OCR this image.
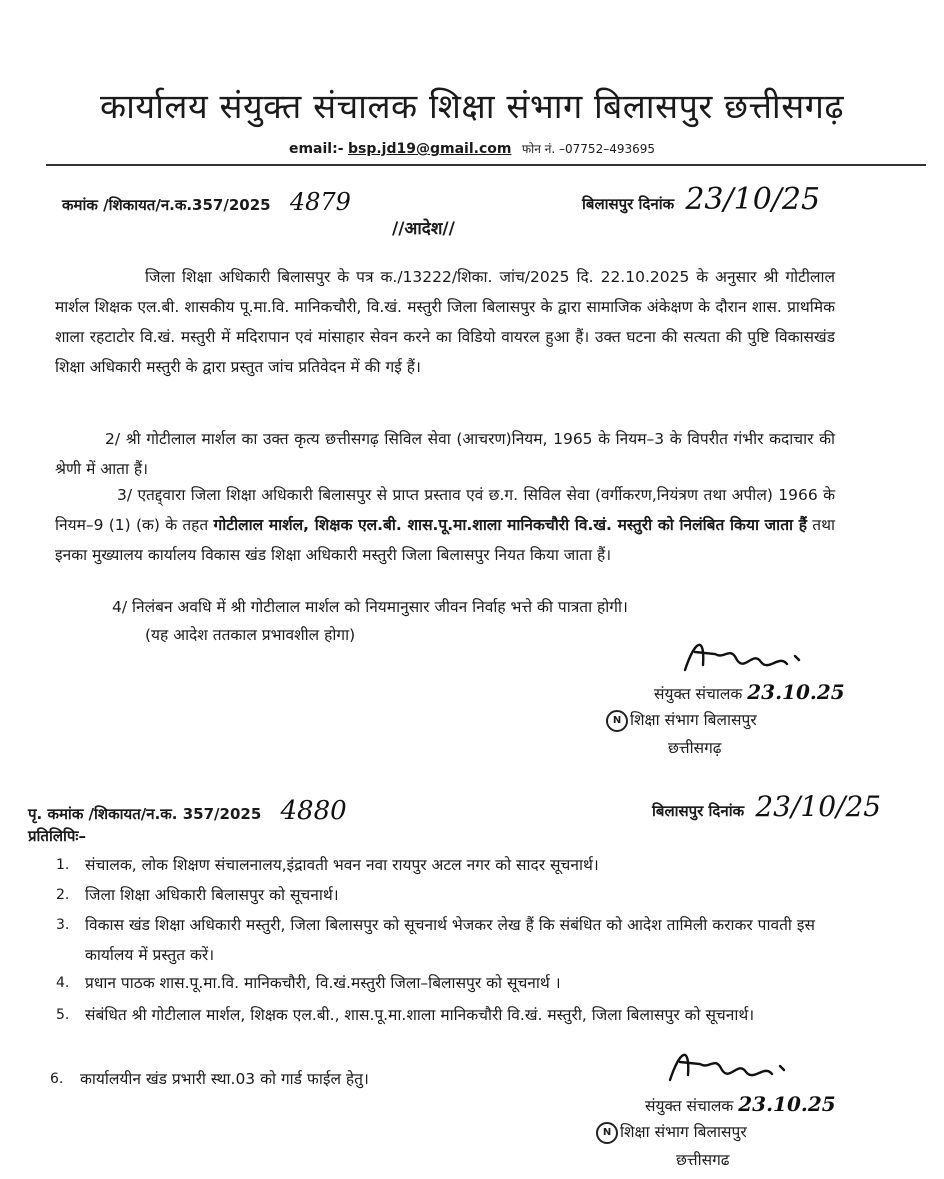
कार्यालय संयुक्त संचालक शिक्षा संभाग बिलासपुर छत्तीसगढ़
email:- bsp.jd19@gmail.com फोन नं. –07752–493695
कमांक /शिकायत/न.क.357/2025 4879	बिलासपुर दिनांक 23/10/25
//आदेश//
जिला शिक्षा अधिकारी बिलासपुर के पत्र क./13222/शिका. जांच/2025 दि. 22.10.2025 के अनुसार श्री गोटीलाल मार्शल शिक्षक एल.बी. शासकीय पू.मा.वि. मानिकचौरी, वि.खं. मस्तुरी जिला बिलासपुर के द्वारा सामाजिक अंकेक्षण के दौरान शास. प्राथमिक शाला रहटाटोर वि.खं. मस्तुरी में मदिरापान एवं मांसाहार सेवन करने का विडियो वायरल हुआ हैं। उक्त घटना की सत्यता की पुष्टि विकासखंड शिक्षा अधिकारी मस्तुरी के द्वारा प्रस्तुत जांच प्रतिवेदन में की गई हैं।
2/ श्री गोटीलाल मार्शल का उक्त कृत्य छत्तीसगढ़ सिविल सेवा (आचरण)नियम, 1965 के नियम–3 के विपरीत गंभीर कदाचार की श्रेणी में आता हैं।
3/ एतद्द्वारा जिला शिक्षा अधिकारी बिलासपुर से प्राप्त प्रस्ताव एवं छ.ग. सिविल सेवा (वर्गीकरण,नियंत्रण तथा अपील) 1966 के नियम–9 (1) (क) के तहत गोटीलाल मार्शल, शिक्षक एल.बी. शास.पू.मा.शाला मानिकचौरी वि.खं. मस्तुरी को निलंबित किया जाता हैं तथा इनका मुख्यालय कार्यालय विकास खंड शिक्षा अधिकारी मस्तुरी जिला बिलासपुर नियत किया जाता हैं।
4/ निलंबन अवधि में श्री गोटीलाल मार्शल को नियमानुसार जीवन निर्वाह भत्ते की पात्रता होगी।
(यह आदेश ततकाल प्रभावशील होगा)
संयुक्त संचालक 23.10.25
N शिक्षा संभाग बिलासपुर
छत्तीसगढ़
पृ. कमांक /शिकायत/न.क. 357/2025 4880	बिलासपुर दिनांक 23/10/25
प्रतिलिपिः–
1. संचालक, लोक शिक्षण संचालनालय,इंद्रावती भवन नवा रायपुर अटल नगर को सादर सूचनार्थ।
2. जिला शिक्षा अधिकारी बिलासपुर को सूचनार्थ।
3. विकास खंड शिक्षा अधिकारी मस्तुरी, जिला बिलासपुर को सूचनार्थ भेजकर लेख हैं कि संबंधित को आदेश तामिली कराकर पावती इस कार्यालय में प्रस्तुत करें।
4. प्रधान पाठक शास.पू.मा.वि. मानिकचौरी, वि.खं.मस्तुरी जिला–बिलासपुर को सूचनार्थ ।
5. संबंधित श्री गोटीलाल मार्शल, शिक्षक एल.बी., शास.पू.मा.शाला मानिकचौरी वि.खं. मस्तुरी, जिला बिलासपुर को सूचनार्थ।
6. कार्यालयीन खंड प्रभारी स्था.03 को गार्ड फाईल हेतु।
संयुक्त संचालक 23.10.25
N शिक्षा संभाग बिलासपुर
छत्तीसगढ
